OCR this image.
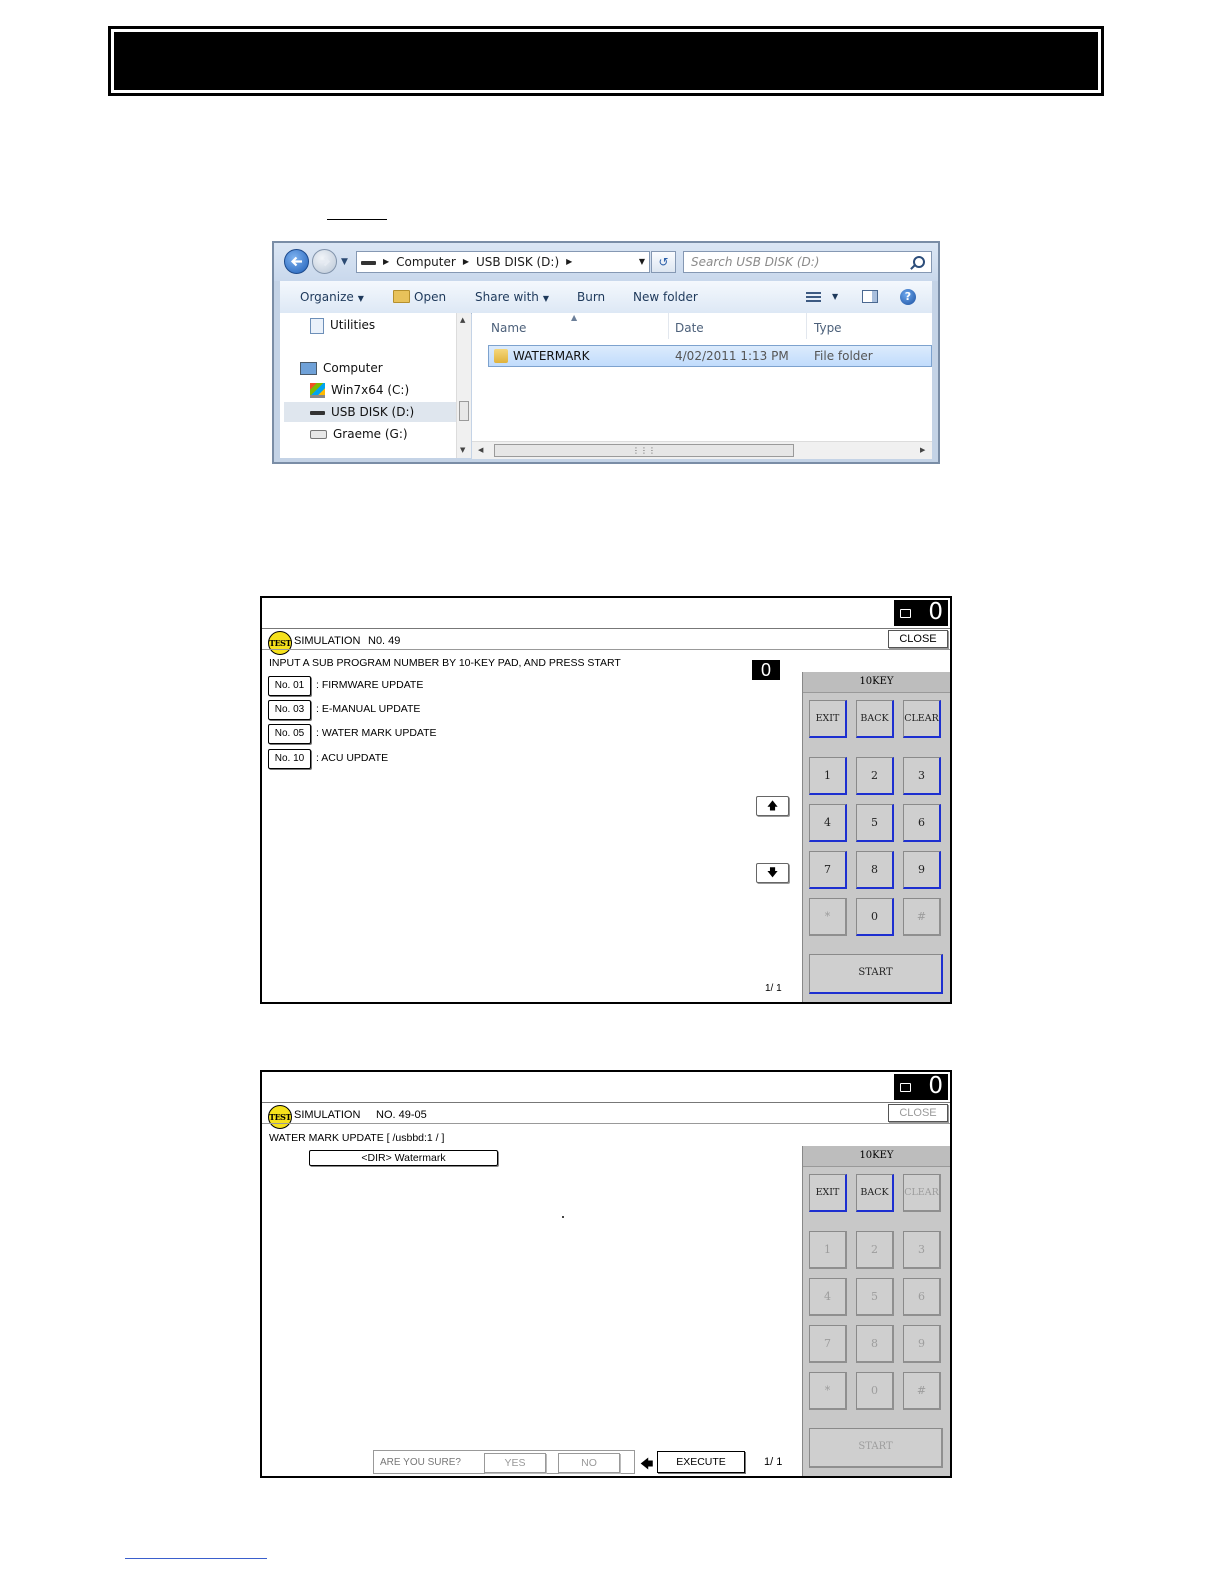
▼	▶ Computer ▶ USB DISK (D:) ▶	▼	↺	Search USB DISK (D:)
Organize ▼	Open Share with ▼ Burn New folder	▼	?
Utilities
Computer
Win7x64 (C:)
USB DISK (D:)
Graeme (G:)
▲
▼
▲
Name	Date	Type
WATERMARK	4/02/2011 1:13 PM File folder
◀	⋮⋮⋮	▶
0
TEST SIMULATION N0. 49	CLOSE
INPUT A SUB PROGRAM NUMBER BY 10-KEY PAD, AND PRESS START	0
No. 01	: FIRMWARE UPDATE
No. 03	: E-MANUAL UPDATE
No. 05	: WATER MARK UPDATE
No. 10	: ACU UPDATE
🡅
🡇
1/ 1
10KEY
EXIT	BACK	CLEAR
1	2	3
4	5	6
7	8	9
*	0	#
START
0
TEST SIMULATION NO. 49-05	CLOSE
WATER MARK UPDATE [ /usbbd:1 / ]
<DIR> Watermark
ARE YOU SURE?	YES	NO	🡄	EXECUTE	1/ 1
10KEY
EXIT	BACK	CLEAR
1	2	3
4	5	6
7	8	9
*	0	#
START
